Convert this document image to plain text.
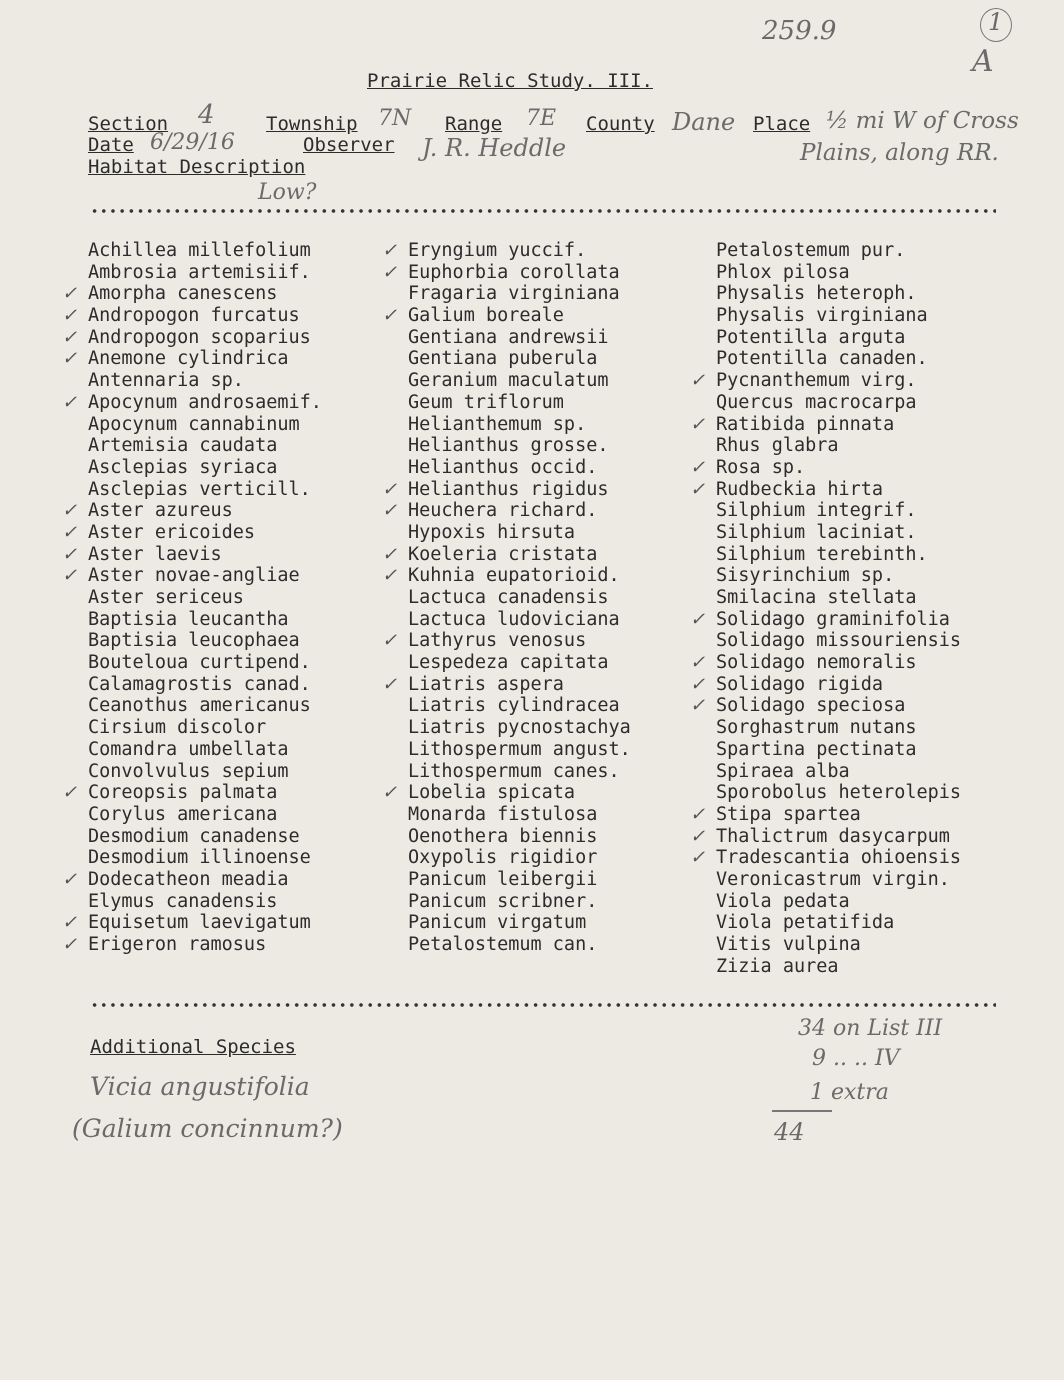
259.9	1
A
Prairie Relic Study. III.
Section 4	Township 7N Range 7E County Dane Place ½ mi W of Cross
Plains, along RR.
Date 6/29/16	Observer J. R. Heddle
Habitat Description
Low?
Achillea millefolium
Ambrosia artemisiif.
✓ Amorpha canescens
✓ Andropogon furcatus
✓ Andropogon scoparius
✓ Anemone cylindrica
Antennaria sp.
✓ Apocynum androsaemif.
Apocynum cannabinum
Artemisia caudata
Asclepias syriaca
Asclepias verticill.
✓ Aster azureus
✓ Aster ericoides
✓ Aster laevis
✓ Aster novae-angliae
Aster sericeus
Baptisia leucantha
Baptisia leucophaea
Bouteloua curtipend.
Calamagrostis canad.
Ceanothus americanus
Cirsium discolor
Comandra umbellata
Convolvulus sepium
✓ Coreopsis palmata
Corylus americana
Desmodium canadense
Desmodium illinoense
✓ Dodecatheon meadia
Elymus canadensis
✓ Equisetum laevigatum
✓ Erigeron ramosus
✓ Eryngium yuccif.
✓ Euphorbia corollata
Fragaria virginiana
✓ Galium boreale
Gentiana andrewsii
Gentiana puberula
Geranium maculatum
Geum triflorum
Helianthemum sp.
Helianthus grosse.
Helianthus occid.
✓ Helianthus rigidus
✓ Heuchera richard.
Hypoxis hirsuta
✓ Koeleria cristata
✓ Kuhnia eupatorioid.
Lactuca canadensis
Lactuca ludoviciana
✓ Lathyrus venosus
Lespedeza capitata
✓ Liatris aspera
Liatris cylindracea
Liatris pycnostachya
Lithospermum angust.
Lithospermum canes.
✓ Lobelia spicata
Monarda fistulosa
Oenothera biennis
Oxypolis rigidior
Panicum leibergii
Panicum scribner.
Panicum virgatum
Petalostemum can.
Petalostemum pur.
Phlox pilosa
Physalis heteroph.
Physalis virginiana
Potentilla arguta
Potentilla canaden.
✓ Pycnanthemum virg.
Quercus macrocarpa
✓ Ratibida pinnata
Rhus glabra
✓ Rosa sp.
✓ Rudbeckia hirta
Silphium integrif.
Silphium laciniat.
Silphium terebinth.
Sisyrinchium sp.
Smilacina stellata
✓ Solidago graminifolia
Solidago missouriensis
✓ Solidago nemoralis
✓ Solidago rigida
✓ Solidago speciosa
Sorghastrum nutans
Spartina pectinata
Spiraea alba
Sporobolus heterolepis
✓ Stipa spartea
✓ Thalictrum dasycarpum
✓ Tradescantia ohioensis
Veronicastrum virgin.
Viola pedata
Viola petatifida
Vitis vulpina
Zizia aurea
Additional Species
Vicia angustifolia
(Galium concinnum?)
34 on List III
9 .. .. IV
1 extra
44
